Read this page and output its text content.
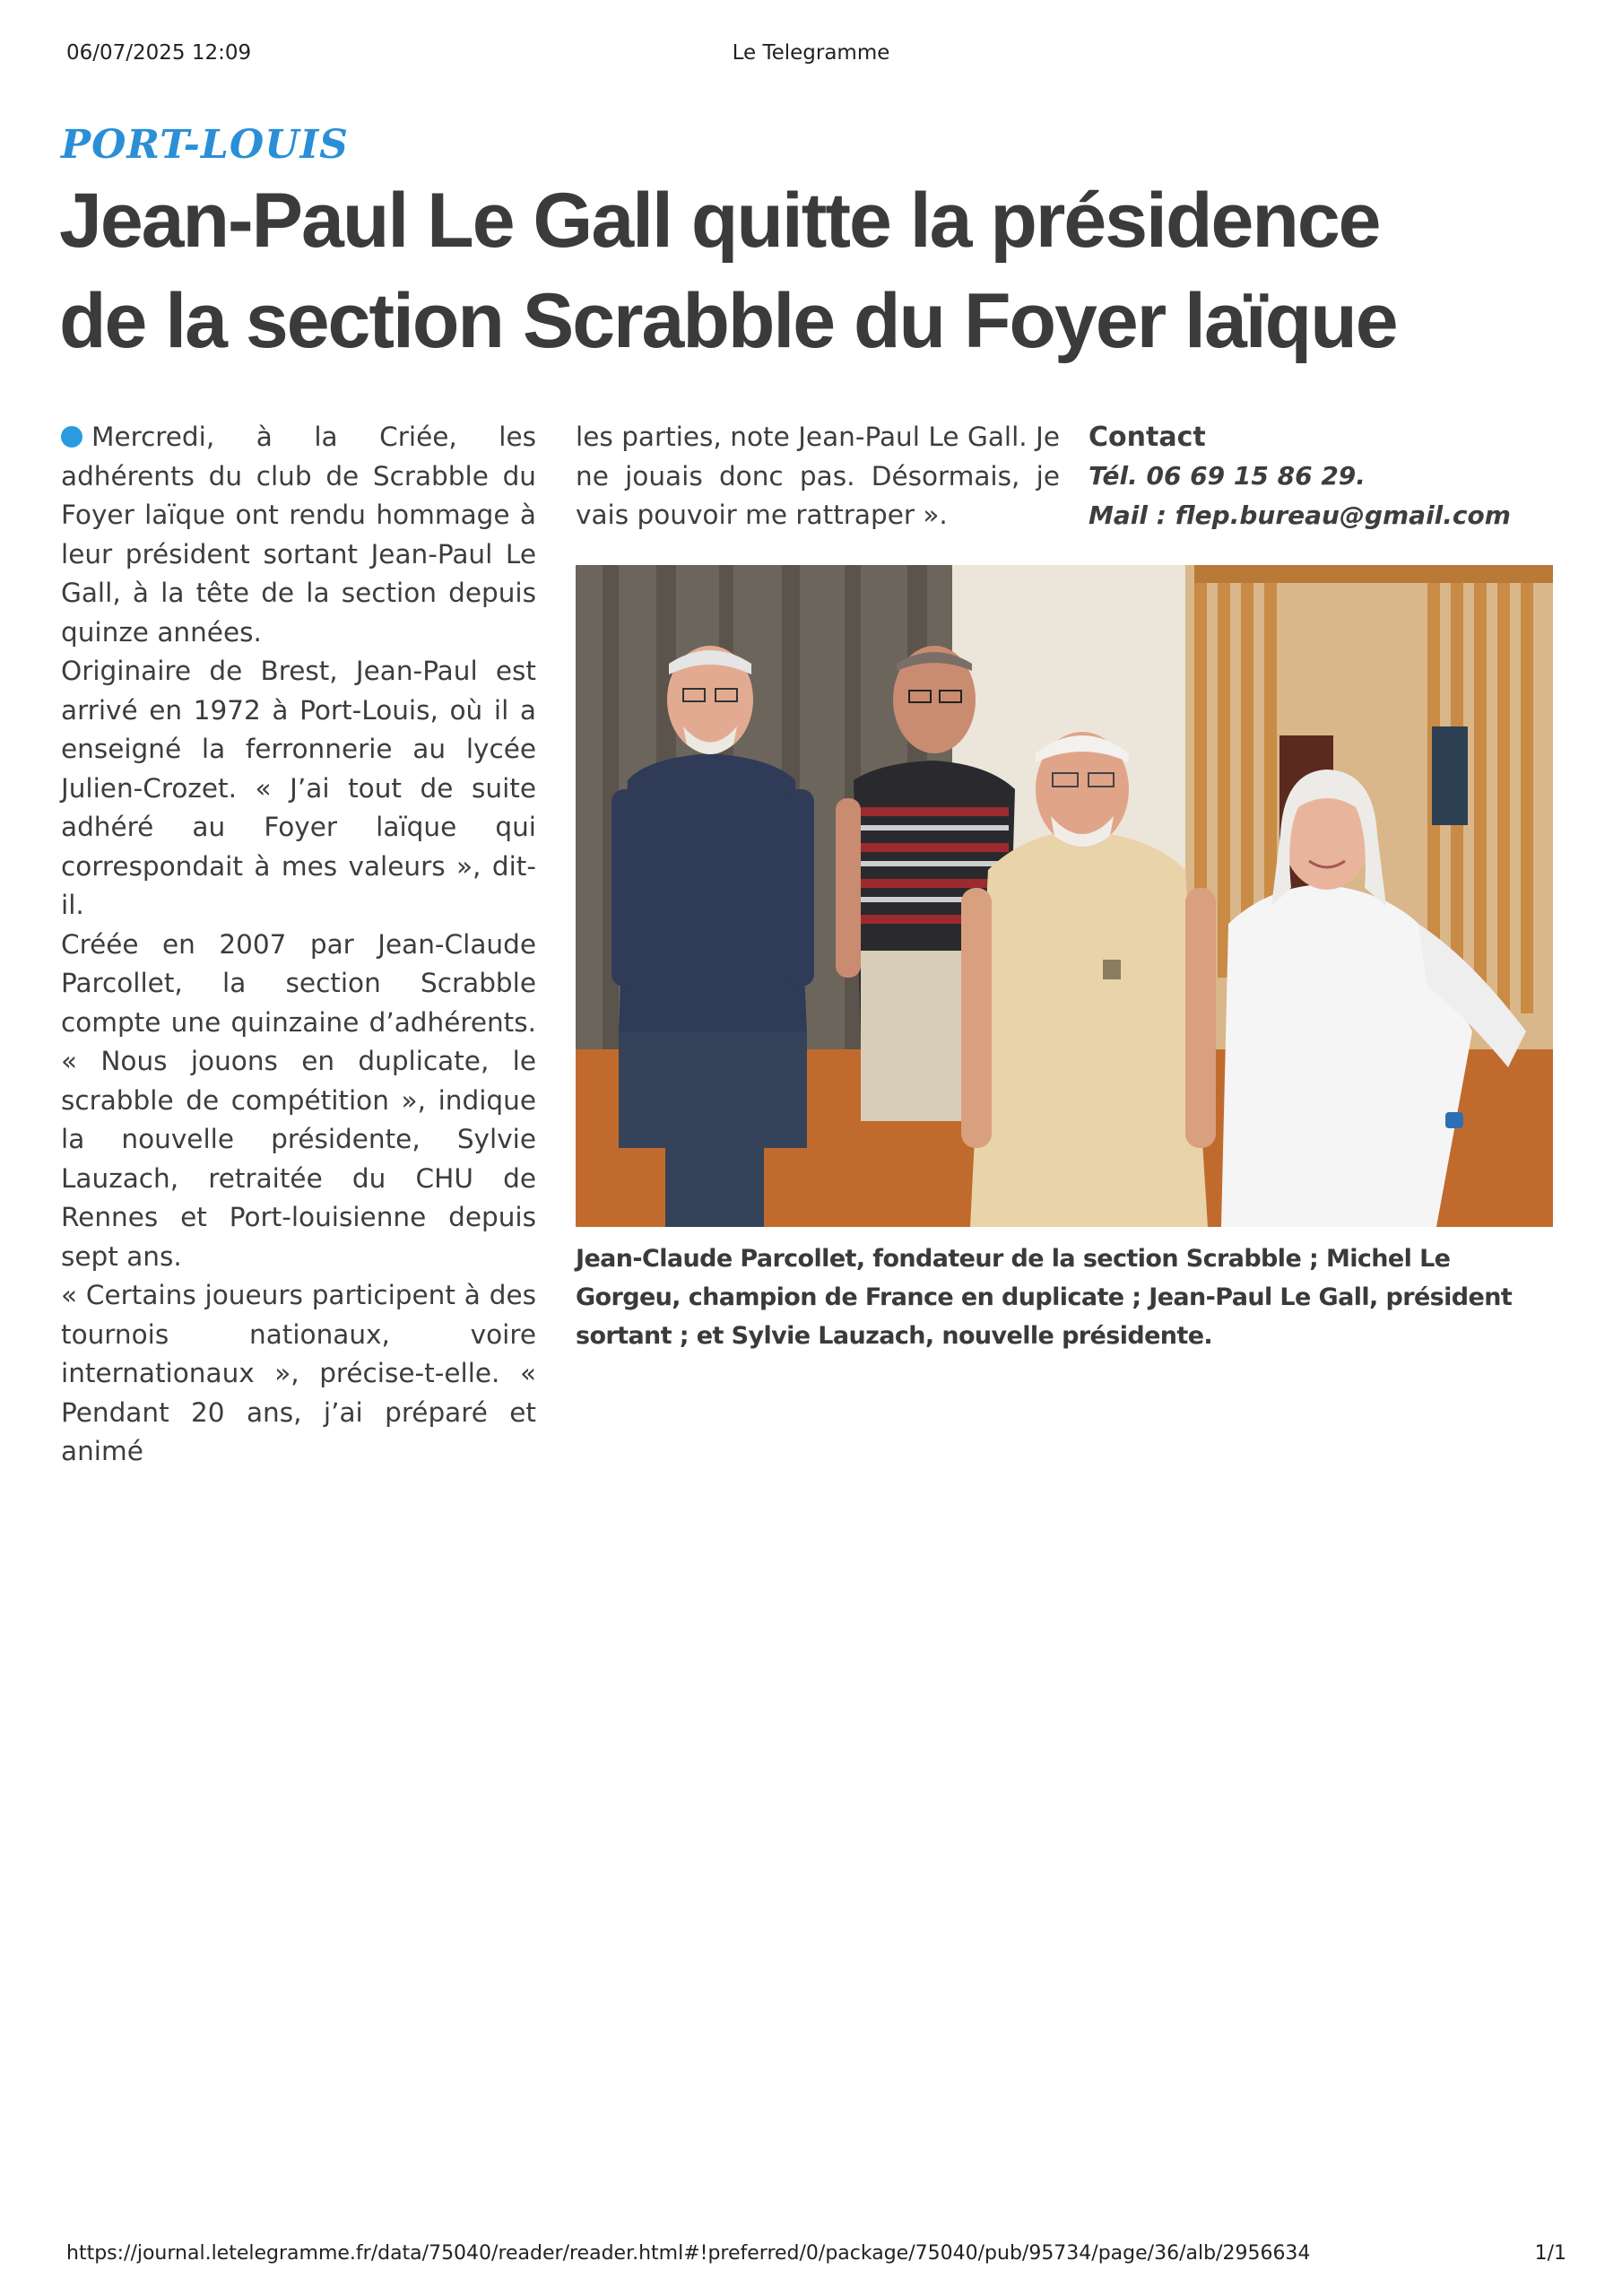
06/07/2025 12:09	Le Telegramme
PORT-LOUIS
Jean-Paul Le Gall quitte la présidence
de la section Scrabble du Foyer laïque

Mercredi, à la Criée, les adhérents du club de Scrabble du Foyer laïque ont rendu hommage à leur président sortant Jean-Paul Le Gall, à la tête de la section depuis quinze années.

Originaire de Brest, Jean-Paul est arrivé en 1972 à Port-Louis, où il a enseigné la ferronnerie au lycée Julien-Crozet. « J’ai tout de suite adhéré au Foyer laïque qui correspondait à mes valeurs », dit-il.

Créée en 2007 par Jean-Claude Parcollet, la section Scrabble compte une quinzaine d’adhérents. « Nous jouons en duplicate, le scrabble de compétition », indique la nouvelle présidente, Sylvie Lauzach, retraitée du CHU de Rennes et Port-louisienne depuis sept ans.

« Certains joueurs participent à des tournois nationaux, voire internationaux », précise-t-elle. « Pendant 20 ans, j’ai préparé et animé

les parties, note Jean-Paul Le Gall. Je ne jouais donc pas. Désormais, je vais pouvoir me rattraper ».

Contact
Tél. 06 69 15 86 29.
Mail : flep.bureau@gmail.com

Jean-Claude Parcollet, fondateur de la section Scrabble ; Michel Le Gorgeu, champion de France en duplicate ; Jean-Paul Le Gall, président sortant ; et Sylvie Lauzach, nouvelle présidente.

https://journal.letelegramme.fr/data/75040/reader/reader.html#!preferred/0/package/75040/pub/95734/page/36/alb/2956634	1/1
